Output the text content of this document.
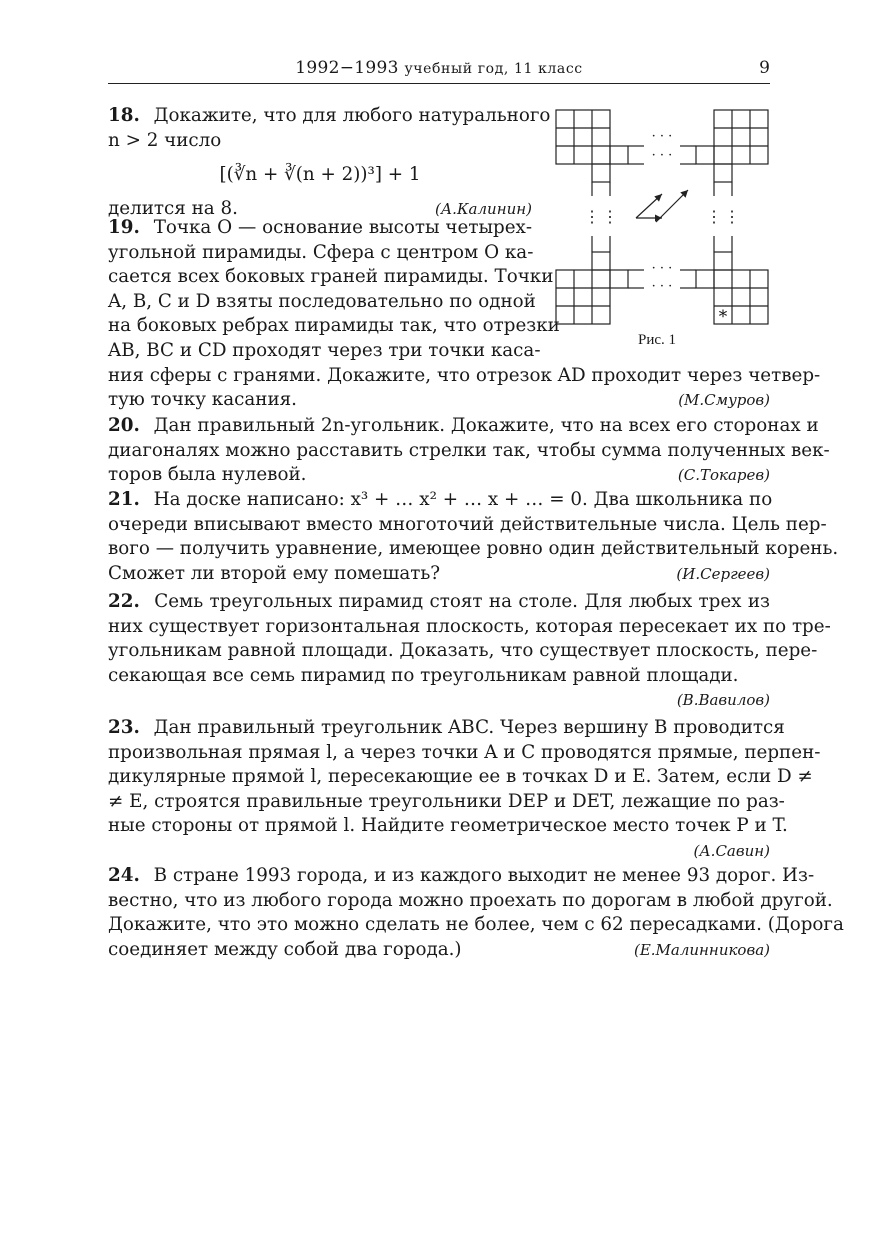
1992−1993 учебный год, 11 класс	9
18. Докажите, что для любого натурального
n > 2 число
[(∛n + ∛(n + 2))³] + 1
делится на 8.	(А.Калинин)
19. Точка O — основание высоты четырех-
угольной пирамиды. Сфера с центром O ка-
сается всех боковых граней пирамиды. Точки
A, B, C и D взяты последовательно по одной
на боковых ребрах пирамиды так, что отрезки
AB, BC и CD проходят через три точки каса-
ния сферы с гранями. Докажите, что отрезок AD проходит через четвер-
тую точку касания.	(М.Смуров)
20. Дан правильный 2n-угольник. Докажите, что на всех его сторонах и
диагоналях можно расставить стрелки так, чтобы сумма полученных век-
торов была нулевой.	(С.Токарев)
21. На доске написано: x³ + … x² + … x + … = 0. Два школьника по
очереди вписывают вместо многоточий действительные числа. Цель пер-
вого — получить уравнение, имеющее ровно один действительный корень.
Сможет ли второй ему помешать?	(И.Сергеев)
22. Семь треугольных пирамид стоят на столе. Для любых трех из
них существует горизонтальная плоскость, которая пересекает их по тре-
угольникам равной площади. Доказать, что существует плоскость, пере-
секающая все семь пирамид по треугольникам равной площади.
(В.Вавилов)
23. Дан правильный треугольник ABC. Через вершину B проводится
произвольная прямая l, а через точки A и C проводятся прямые, перпен-
дикулярные прямой l, пересекающие ее в точках D и E. Затем, если D ≠
≠ E, строятся правильные треугольники DEP и DET, лежащие по раз-
ные стороны от прямой l. Найдите геометрическое место точек P и T.
(А.Савин)
24. В стране 1993 города, и из каждого выходит не менее 93 дорог. Из-
вестно, что из любого города можно проехать по дорогам в любой другой.
Докажите, что это можно сделать не более, чем с 62 пересадками. (Дорога
соединяет между собой два города.)	(Е.Малинникова)
· · ·
· · ·
· · ·
· · ·
⋮ ⋮	⋮ ⋮
*
Рис. 1
